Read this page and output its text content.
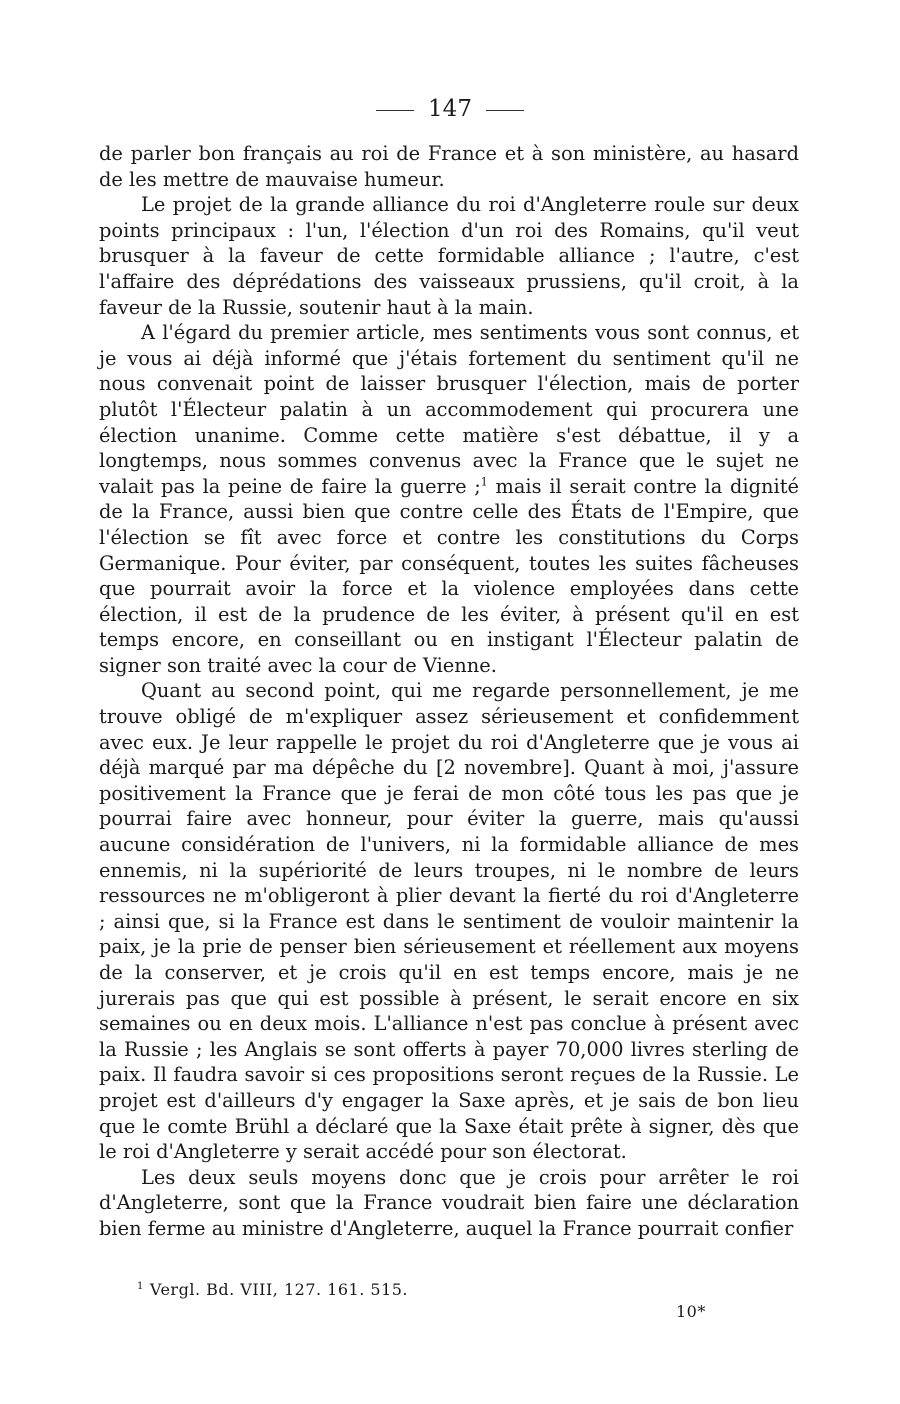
147

de parler bon français au roi de France et à son ministère, au hasard de les mettre de mauvaise humeur.

Le projet de la grande alliance du roi d'Angleterre roule sur deux points principaux : l'un, l'élection d'un roi des Romains, qu'il veut brusquer à la faveur de cette formidable alliance ; l'autre, c'est l'affaire des déprédations des vaisseaux prussiens, qu'il croit, à la faveur de la Russie, soutenir haut à la main.

A l'égard du premier article, mes sentiments vous sont connus, et je vous ai déjà informé que j'étais fortement du sentiment qu'il ne nous convenait point de laisser brusquer l'élection, mais de porter plutôt l'Électeur palatin à un accommodement qui procurera une élection unanime. Comme cette matière s'est débattue, il y a longtemps, nous sommes convenus avec la France que le sujet ne valait pas la peine de faire la guerre ;$^1$ mais il serait contre la dignité de la France, aussi bien que contre celle des États de l'Empire, que l'élection se fît avec force et contre les constitutions du Corps Germanique. Pour éviter, par conséquent, toutes les suites fâcheuses que pourrait avoir la force et la violence employées dans cette élection, il est de la prudence de les éviter, à présent qu'il en est temps encore, en conseillant ou en instigant l'Électeur palatin de signer son traité avec la cour de Vienne.

Quant au second point, qui me regarde personnellement, je me trouve obligé de m'expliquer assez sérieusement et confidemment avec eux. Je leur rappelle le projet du roi d'Angleterre que je vous ai déjà marqué par ma dépêche du [2 novembre]. Quant à moi, j'assure positivement la France que je ferai de mon côté tous les pas que je pourrai faire avec honneur, pour éviter la guerre, mais qu'aussi aucune considération de l'univers, ni la formidable alliance de mes ennemis, ni la supériorité de leurs troupes, ni le nombre de leurs ressources ne m'obligeront à plier devant la fierté du roi d'Angleterre ; ainsi que, si la France est dans le sentiment de vouloir maintenir la paix, je la prie de penser bien sérieusement et réellement aux moyens de la conserver, et je crois qu'il en est temps encore, mais je ne jurerais pas que qui est possible à présent, le serait encore en six semaines ou en deux mois. L'alliance n'est pas conclue à présent avec la Russie ; les Anglais se sont offerts à payer 70,000 livres sterling de paix. Il faudra savoir si ces propositions seront reçues de la Russie. Le projet est d'ailleurs d'y engager la Saxe après, et je sais de bon lieu que le comte Brühl a déclaré que la Saxe était prête à signer, dès que le roi d'Angleterre y serait accédé pour son électorat.

Les deux seuls moyens donc que je crois pour arrêter le roi d'Angleterre, sont que la France voudrait bien faire une déclaration bien ferme au ministre d'Angleterre, auquel la France pourrait confier

$^1$ Vergl. Bd. VIII, 127. 161. 515.
10*
